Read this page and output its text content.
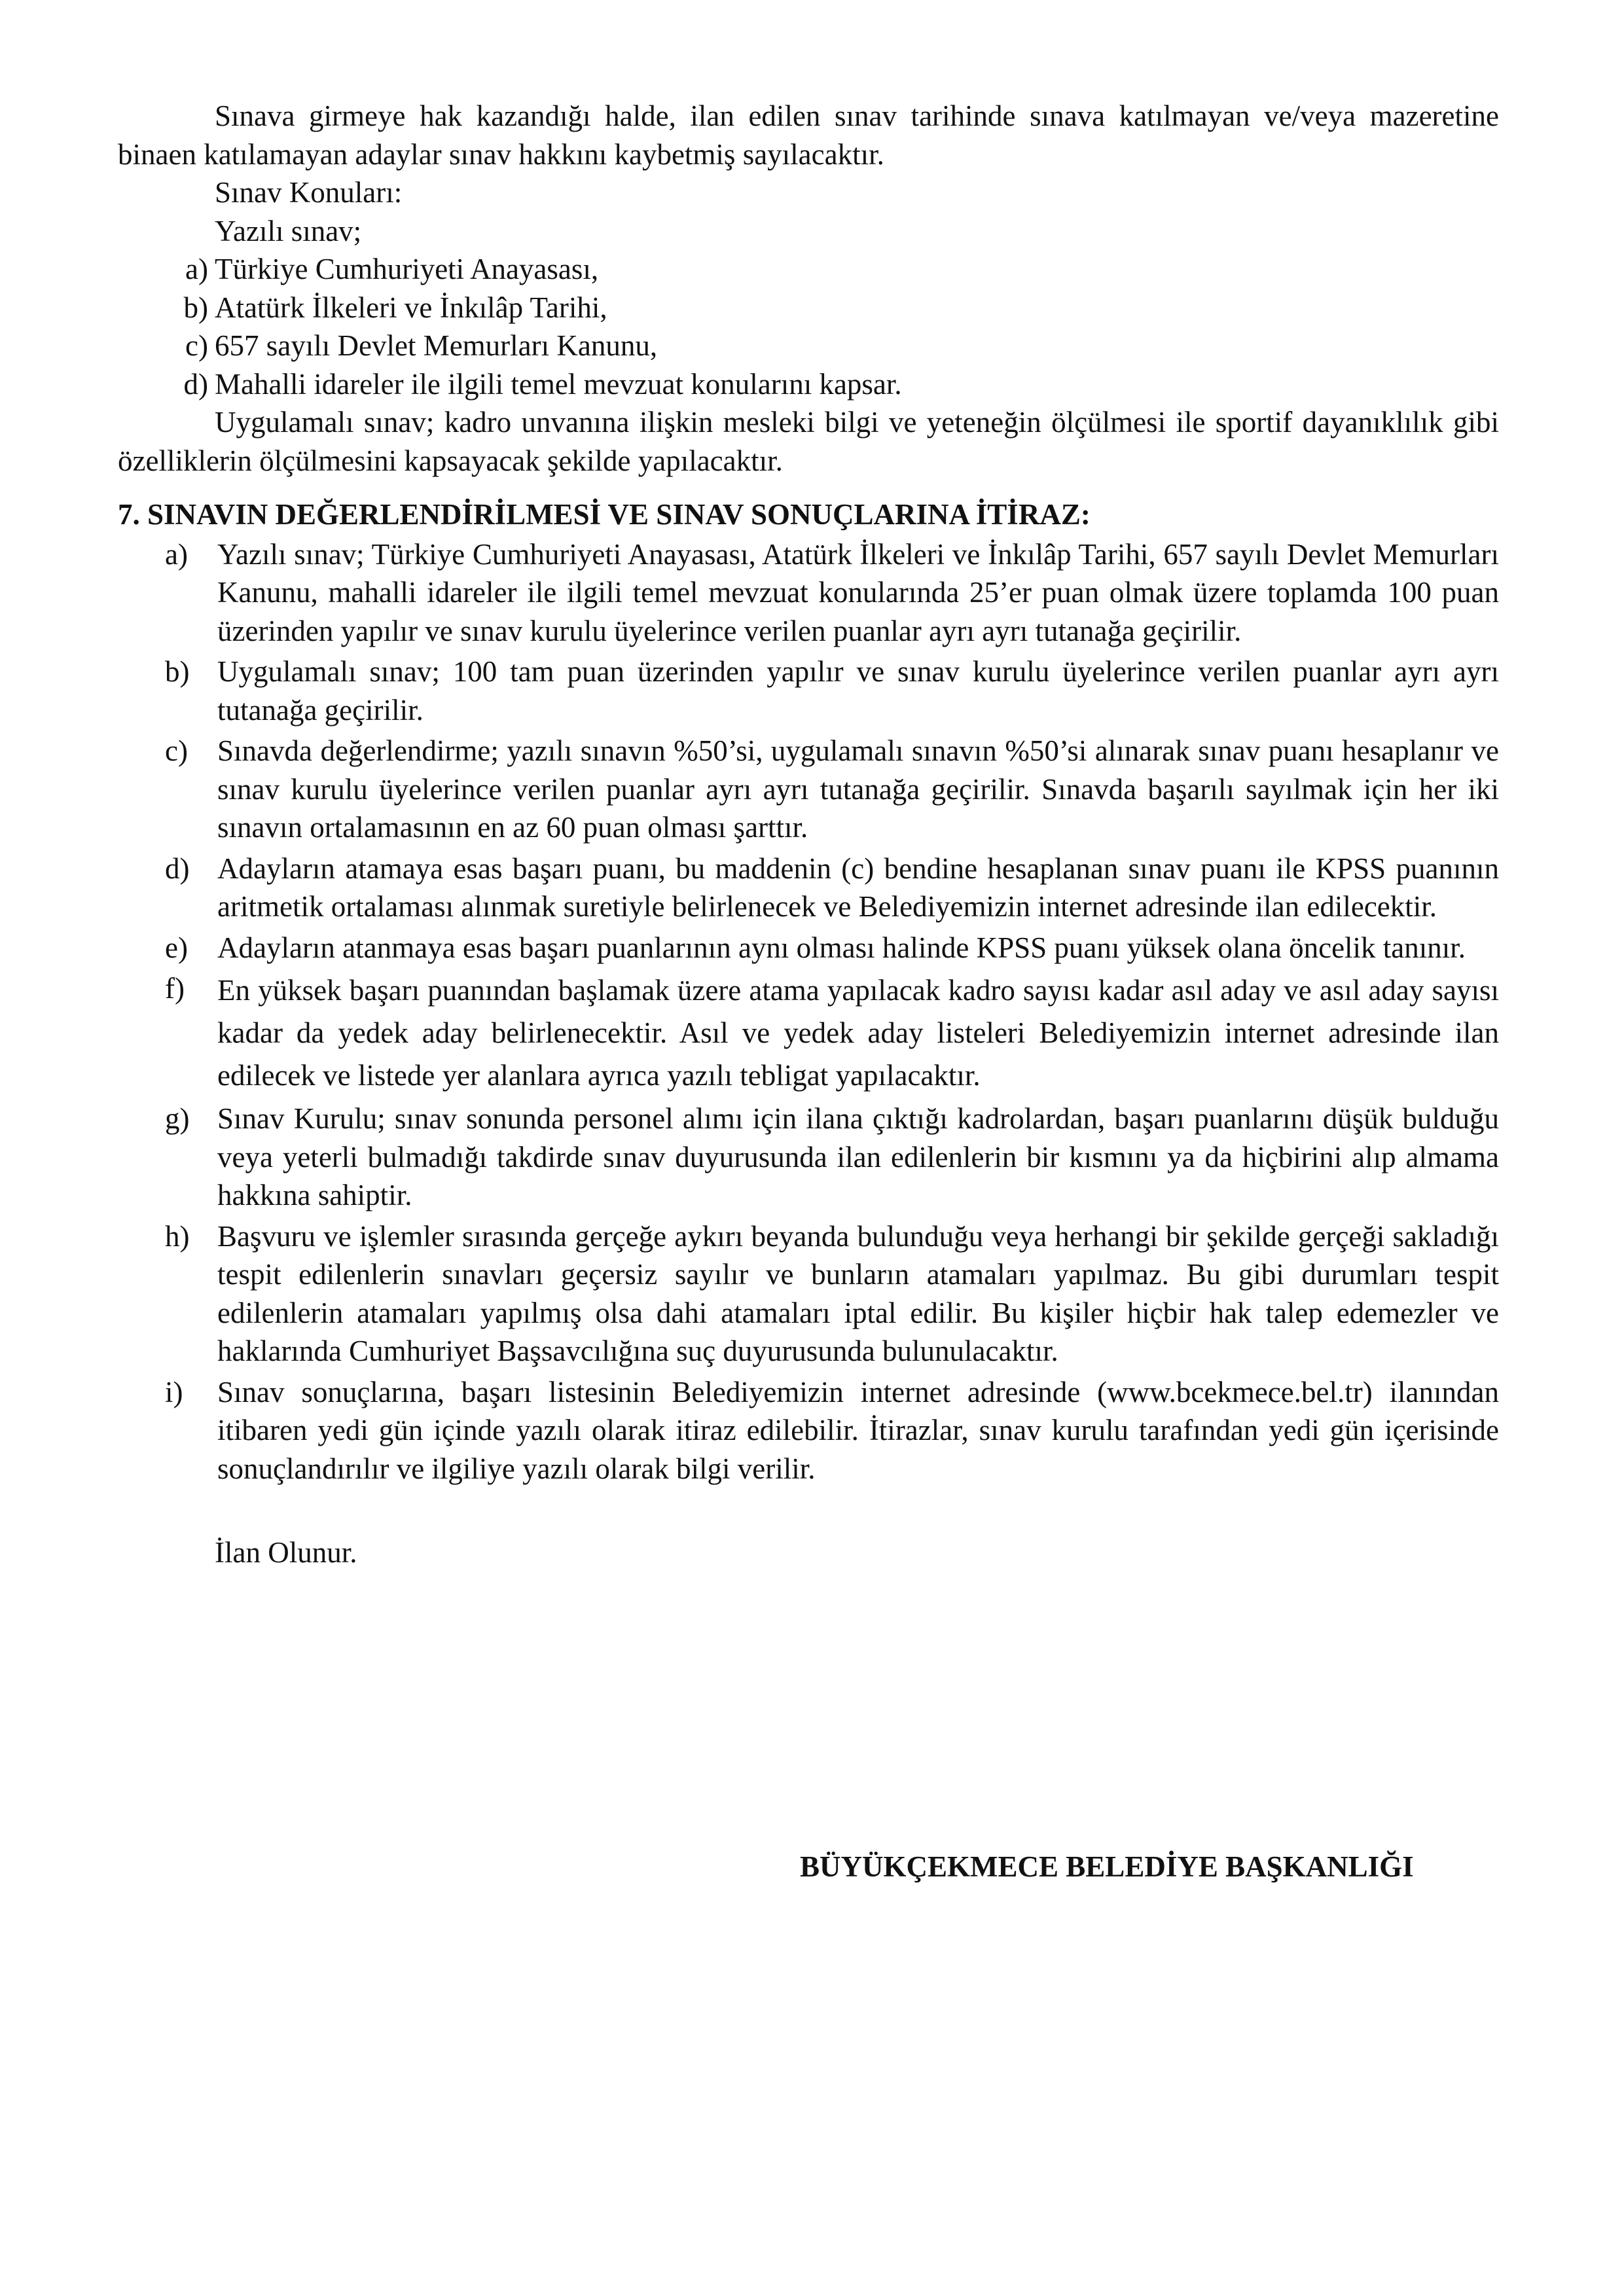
Sınava girmeye hak kazandığı halde, ilan edilen sınav tarihinde sınava katılmayan ve/veya mazeretine binaen katılamayan adaylar sınav hakkını kaybetmiş sayılacaktır.

Sınav Konuları:

Yazılı sınav;

a) Türkiye Cumhuriyeti Anayasası,

b) Atatürk İlkeleri ve İnkılâp Tarihi,

c) 657 sayılı Devlet Memurları Kanunu,

d) Mahalli idareler ile ilgili temel mevzuat konularını kapsar.

Uygulamalı sınav; kadro unvanına ilişkin mesleki bilgi ve yeteneğin ölçülmesi ile sportif dayanıklılık gibi özelliklerin ölçülmesini kapsayacak şekilde yapılacaktır.

7. SINAVIN DEĞERLENDİRİLMESİ VE SINAV SONUÇLARINA İTİRAZ:

a) Yazılı sınav; Türkiye Cumhuriyeti Anayasası, Atatürk İlkeleri ve İnkılâp Tarihi, 657 sayılı Devlet Memurları Kanunu, mahalli idareler ile ilgili temel mevzuat konularında 25’er puan olmak üzere toplamda 100 puan üzerinden yapılır ve sınav kurulu üyelerince verilen puanlar ayrı ayrı tutanağa geçirilir.
b) Uygulamalı sınav; 100 tam puan üzerinden yapılır ve sınav kurulu üyelerince verilen puanlar ayrı ayrı tutanağa geçirilir.
c) Sınavda değerlendirme; yazılı sınavın %50’si, uygulamalı sınavın %50’si alınarak sınav puanı hesaplanır ve sınav kurulu üyelerince verilen puanlar ayrı ayrı tutanağa geçirilir. Sınavda başarılı sayılmak için her iki sınavın ortalamasının en az 60 puan olması şarttır.
d) Adayların atamaya esas başarı puanı, bu maddenin (c) bendine hesaplanan sınav puanı ile KPSS puanının aritmetik ortalaması alınmak suretiyle belirlenecek ve Belediyemizin internet adresinde ilan edilecektir.
e) Adayların atanmaya esas başarı puanlarının aynı olması halinde KPSS puanı yüksek olana öncelik tanınır.
f) En yüksek başarı puanından başlamak üzere atama yapılacak kadro sayısı kadar asıl aday ve asıl aday sayısı kadar da yedek aday belirlenecektir. Asıl ve yedek aday listeleri Belediyemizin internet adresinde ilan edilecek ve listede yer alanlara ayrıca yazılı tebligat yapılacaktır.
g) Sınav Kurulu; sınav sonunda personel alımı için ilana çıktığı kadrolardan, başarı puanlarını düşük bulduğu veya yeterli bulmadığı takdirde sınav duyurusunda ilan edilenlerin bir kısmını ya da hiçbirini alıp almama hakkına sahiptir.
h) Başvuru ve işlemler sırasında gerçeğe aykırı beyanda bulunduğu veya herhangi bir şekilde gerçeği sakladığı tespit edilenlerin sınavları geçersiz sayılır ve bunların atamaları yapılmaz. Bu gibi durumları tespit edilenlerin atamaları yapılmış olsa dahi atamaları iptal edilir. Bu kişiler hiçbir hak talep edemezler ve haklarında Cumhuriyet Başsavcılığına suç duyurusunda bulunulacaktır.
i) Sınav sonuçlarına, başarı listesinin Belediyemizin internet adresinde (www.bcekmece.bel.tr) ilanından itibaren yedi gün içinde yazılı olarak itiraz edilebilir. İtirazlar, sınav kurulu tarafından yedi gün içerisinde sonuçlandırılır ve ilgiliye yazılı olarak bilgi verilir.

İlan Olunur.

BÜYÜKÇEKMECE BELEDİYE BAŞKANLIĞI
